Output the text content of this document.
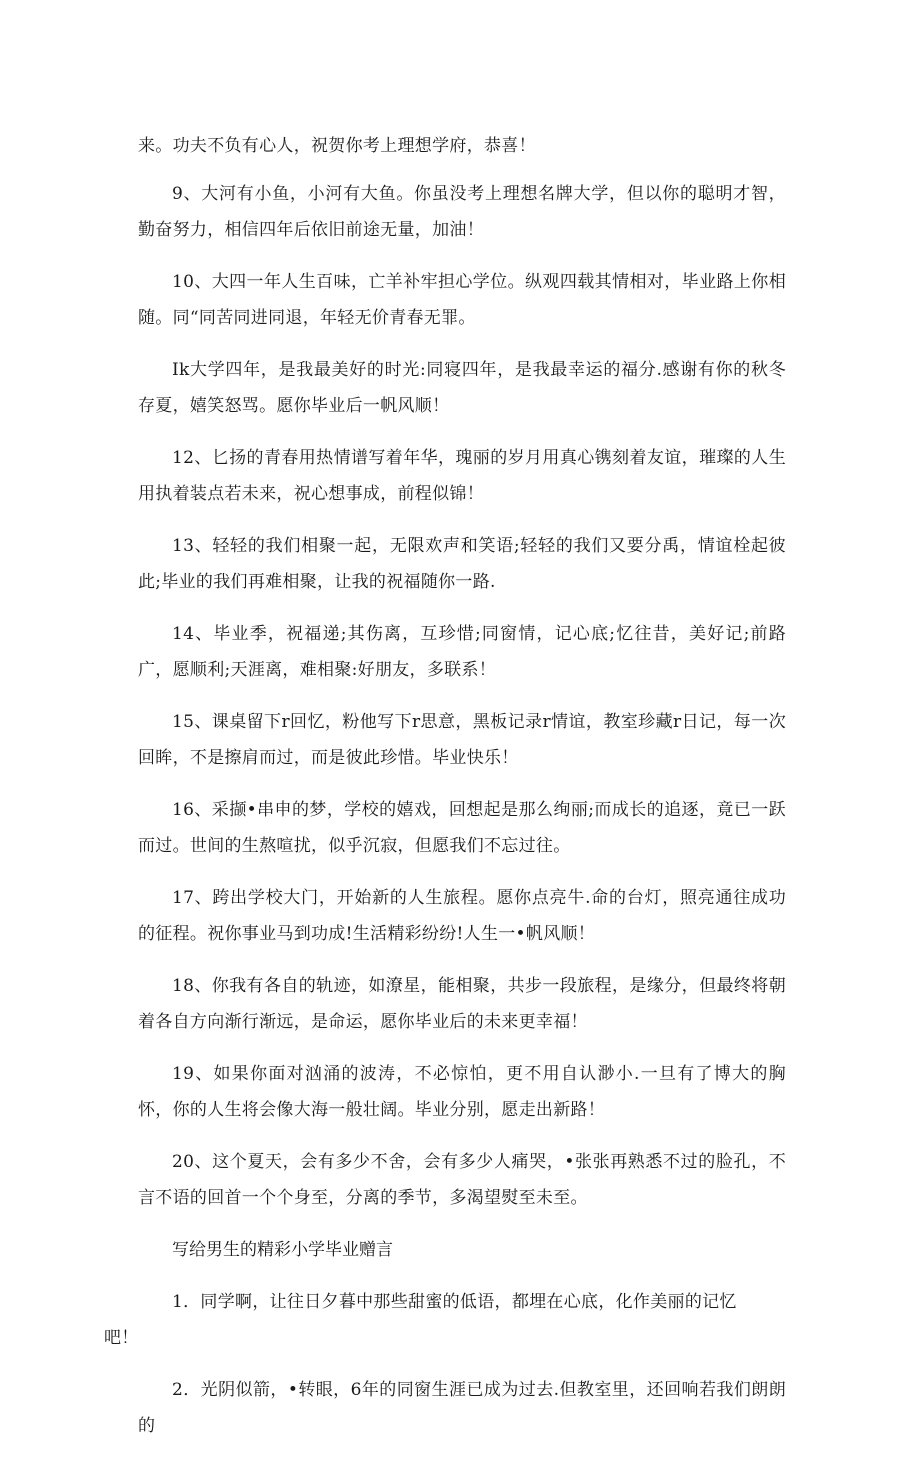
来。功夫不负有心人，祝贺你考上理想学府，恭喜！

9、大河有小鱼，小河有大鱼。你虽没考上理想名牌大学，但以你的聪明才智，勤奋努力，相信四年后依旧前途无量，加油！

10、大四一年人生百味，亡羊补牢担心学位。纵观四载其情相对，毕业路上你相随。同“同苦同进同退，年轻无价青春无罪。

Ik大学四年，是我最美好的时光:同寝四年，是我最幸运的福分.感谢有你的秋冬存夏，嬉笑怒骂。愿你毕业后一帆风顺！

12、匕扬的青春用热情谱写着年华，瑰丽的岁月用真心镌刻着友谊，璀璨的人生用执着装点若未来，祝心想事成，前程似锦！

13、轻轻的我们相聚一起，无限欢声和笑语;轻轻的我们又要分禹，情谊栓起彼此;毕业的我们再难相聚，让我的祝福随你一路.

14、毕业季，祝福递;其伤离，互珍惜;同窗情，记心底;忆往昔，美好记;前路广，愿顺利;天涯离，难相聚:好朋友，多联系！

15、课桌留下r回忆，粉他写下r思意，黑板记录r情谊，教室珍藏r日记，每一次回眸，不是擦肩而过，而是彼此珍惜。毕业快乐！

16、采撷•串申的梦，学校的嬉戏，回想起是那么绚丽;而成长的追逐，竟已一跃而过。世间的生熬喧扰，似乎沉寂，但愿我们不忘过往。

17、跨出学校大门，开始新的人生旅程。愿你点亮牛.命的台灯，照亮通往成功的征程。祝你事业马到功成!生活精彩纷纷!人生一•帆风顺！

18、你我有各自的轨迹，如潦星，能相聚，共步一段旅程，是缘分，但最终将朝着各自方向渐行渐远，是命运，愿你毕业后的未来更幸福！

19、如果你面对汹涌的波涛，不必惊怕，更不用自认渺小.一旦有了博大的胸怀，你的人生将会像大海一般壮阔。毕业分别，愿走出新路！

20、这个夏天，会有多少不舍，会有多少人痛哭，•张张再熟悉不过的脸孔，不言不语的回首一个个身至，分离的季节，多渴望熨至未至。

写给男生的精彩小学毕业赠言

1．同学啊，让往日夕暮中那些甜蜜的低语，都埋在心底，化作美丽的记忆
吧！
2．光阴似箭，•转眼，6年的同窗生涯已成为过去.但教室里，还回响若我们朗朗的
